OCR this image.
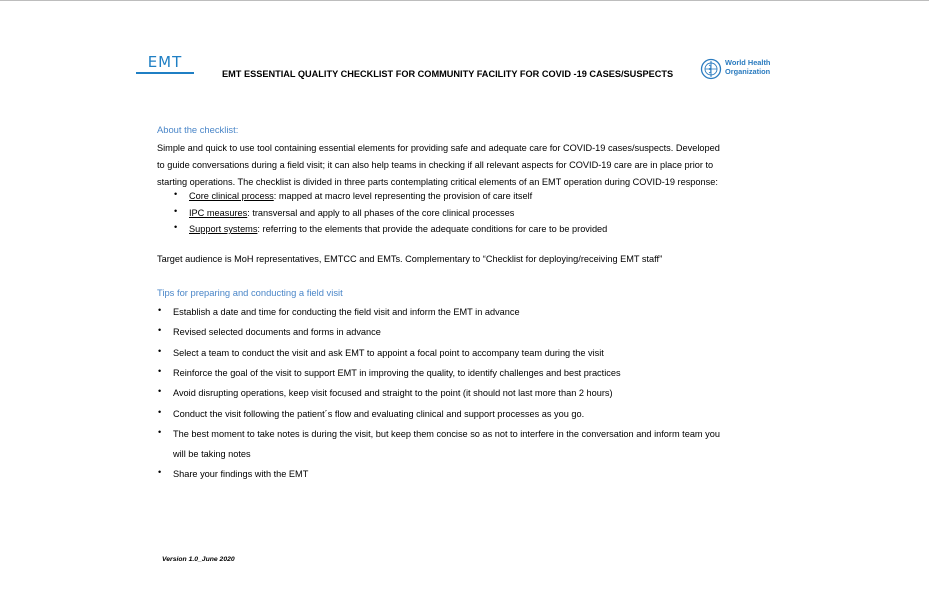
EMT
EMT ESSENTIAL QUALITY CHECKLIST FOR COMMUNITY FACILITY FOR COVID -19 CASES/SUSPECTS
World Health
Organization
About the checklist:
Simple and quick to use tool containing essential elements for providing safe and adequate care for COVID-19 cases/suspects. Developed
to guide conversations during a field visit; it can also help teams in checking if all relevant aspects for COVID-19 care are in place prior to
starting operations. The checklist is divided in three parts contemplating critical elements of an EMT operation during COVID-19 response:
• Core clinical process: mapped at macro level representing the provision of care itself
• IPC measures: transversal and apply to all phases of the core clinical processes
• Support systems: referring to the elements that provide the adequate conditions for care to be provided
Target audience is MoH representatives, EMTCC and EMTs. Complementary to “Checklist for deploying/receiving EMT staff”
Tips for preparing and conducting a field visit
• Establish a date and time for conducting the field visit and inform the EMT in advance
• Revised selected documents and forms in advance
• Select a team to conduct the visit and ask EMT to appoint a focal point to accompany team during the visit
• Reinforce the goal of the visit to support EMT in improving the quality, to identify challenges and best practices
• Avoid disrupting operations, keep visit focused and straight to the point (it should not last more than 2 hours)
• Conduct the visit following the patient´s flow and evaluating clinical and support processes as you go.
• The best moment to take notes is during the visit, but keep them concise so as not to interfere in the conversation and inform team you
will be taking notes
• Share your findings with the EMT
Version 1.0_June 2020
